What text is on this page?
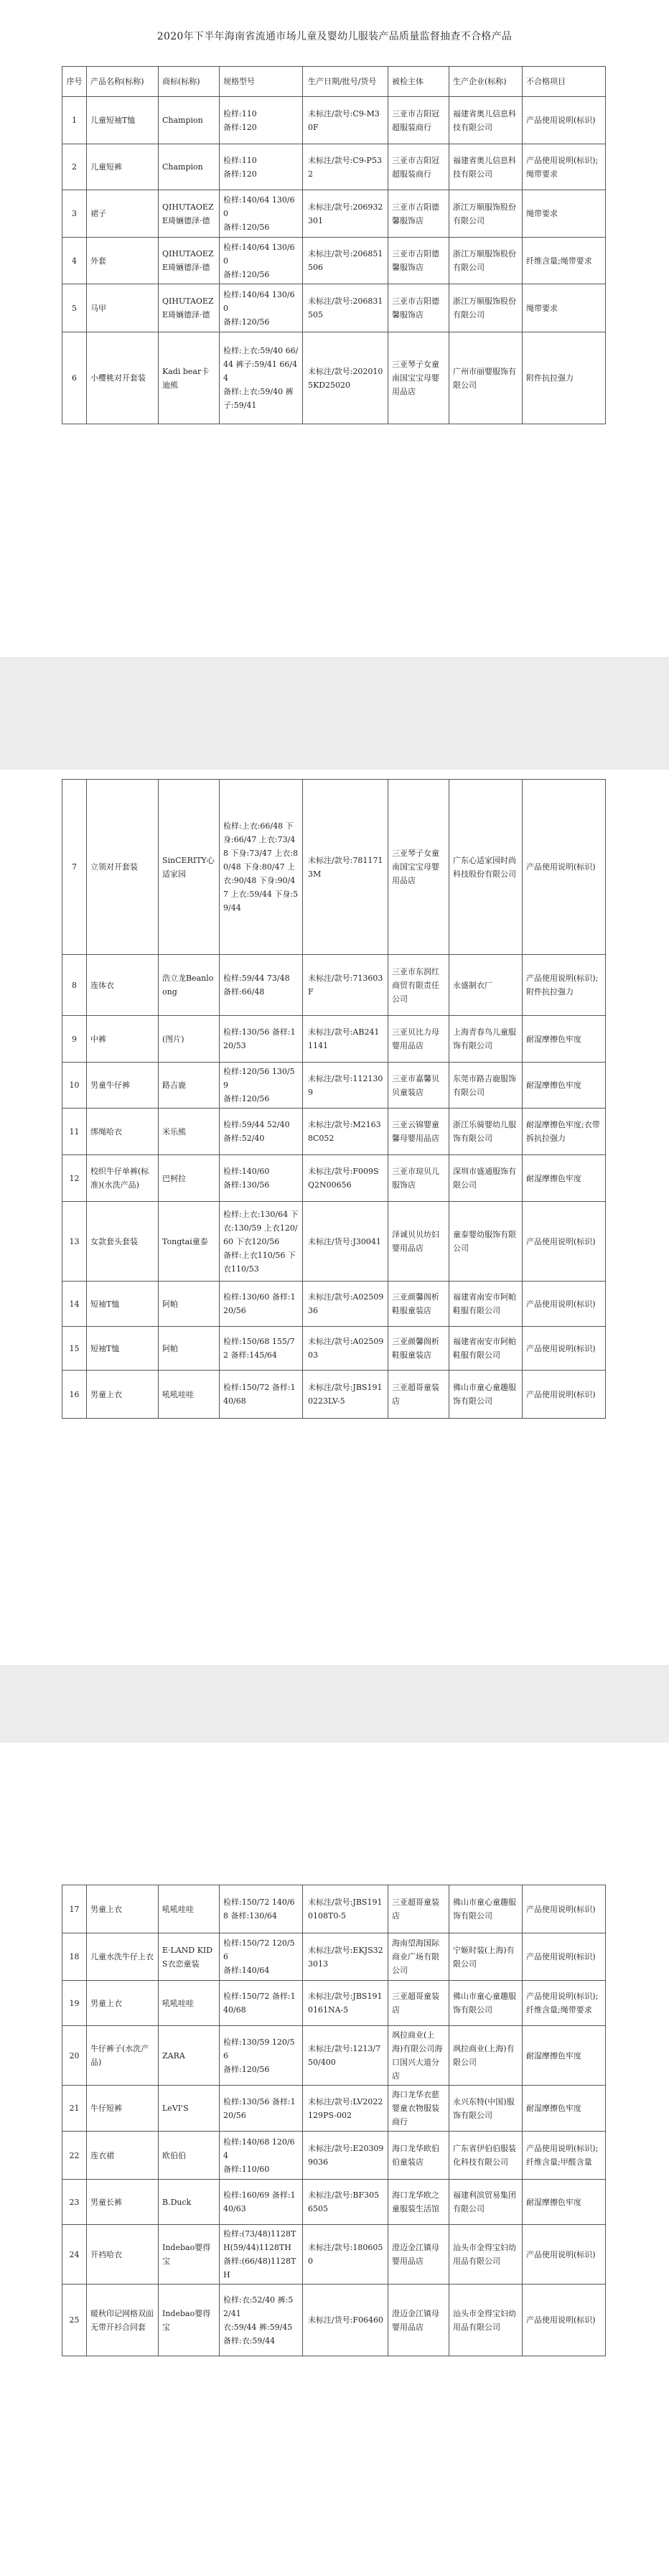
2020年下半年海南省流通市场儿童及婴幼儿服装产品质量监督抽查不合格产品
序号	产品名称(标称)	商标(标称)	规格型号	生产日期/批号/货号	被检主体	生产企业(标称)	不合格项目
1	儿童短袖T恤	Champion	检样:110
备样:120	未标注/款号:C9-M30F	三亚市吉阳冠超服装商行	福建省奥儿信息科技有限公司	产品使用说明(标识)
2	儿童短裤	Champion	检样:110
备样:120	未标注/款号:C9-P532	三亚市吉阳冠超服装商行	福建省奥儿信息科技有限公司	产品使用说明(标识);绳带要求
3	裙子	QIHUTAOEZE琦婳德泽·德	检样:140/64 130/60
备样:120/56	未标注/款号:206932301	三亚市吉阳德馨服饰店	浙江万顺服饰股份有限公司	绳带要求
4	外套	QIHUTAOEZE琦婳德泽·德	检样:140/64 130/60
备样:120/56	未标注/款号:206851506	三亚市吉阳德馨服饰店	浙江万顺服饰股份有限公司	纤维含量;绳带要求
5	马甲	QIHUTAOEZE琦婳德泽·德	检样:140/64 130/60
备样:120/56	未标注/款号:206831505	三亚市吉阳德馨服饰店	浙江万顺服饰股份有限公司	绳带要求
6	小樱桃对开套装	Kadi bear卡迪熊	检样:上衣:59/40 66/44 裤子:59/41 66/44
备样:上衣:59/40 裤子:59/41	未标注/款号:2020105KD25020	三亚琴子女童南国宝宝母婴用品店	广州市丽婴服饰有限公司	附件抗拉强力
7	立领对开套装	SinCERITY心适家园	检样:上衣:66/48 下身:66/47 上衣:73/48 下身:73/47 上衣:80/48 下身:80/47 上衣:90/48 下身:90/47 上衣:59/44 下身:59/44	未标注/款号:7811713M	三亚琴子女童南国宝宝母婴用品店	广东心适家园时尚科技股份有限公司	产品使用说明(标识)
8	连体衣	浩立龙Beanloong	检样:59/44 73/48
备样:66/48	未标注/款号:713603F	三亚市东润红商贸有限责任公司	永盛制衣厂	产品使用说明(标识);附件抗拉强力
9	中裤	(图片)	检样:130/56 备样:120/53	未标注/款号:AB2411141	三亚贝比力母婴用品店	上海青春鸟儿童服饰有限公司	耐湿摩擦色牢度
10	男童牛仔裤	路吉鹿	检样:120/56 130/59
备样:120/56	未标注/款号:1121309	三亚市嘉馨贝贝童装店	东莞市路吉鹿服饰有限公司	耐湿摩擦色牢度
11	绑绳哈衣	米乐熊	检样:59/44 52/40 备样:52/40	未标注/款号:M21638C052	三亚云锦婴童馨母婴用品店	浙江乐骑婴幼儿服饰有限公司	耐湿摩擦色牢度;衣带拆抗拉强力
12	校织牛仔单裤(标准)(水洗产品)	巴柯拉	检样:140/60
备样:130/56	未标注/款号:F009SQ2N00656	三亚市琼贝儿服饰店	深圳市盛通服饰有限公司	耐湿摩擦色牢度
13	女款套头套装	Tongtai童泰	检样:上衣:130/64 下衣:130/59 上衣120/60 下衣120/56
备样:上衣110/56 下衣110/53	未标注/货号:J30041	泽诚贝贝坊妇婴用品店	童泰婴幼服饰有限公司	产品使用说明(标识)
14	短袖T恤	阿帕	检样:130/60 备样:120/56	未标注/款号:A0250936	三亚颜馨阁析鞋服童装店	福建省南安市阿帕鞋服有限公司	产品使用说明(标识)
15	短袖T恤	阿帕	检样:150/68 155/72 备样:145/64	未标注/款号:A0250903	三亚颜馨阁析鞋服童装店	福建省南安市阿帕鞋服有限公司	产品使用说明(标识)
16	男童上衣	吼吼哇哇	检样:150/72 备样:140/68	未标注/款号:JBS1910223LV-5	三亚超哥童装店	佛山市童心童趣服饰有限公司	产品使用说明(标识)
17	男童上衣	吼吼哇哇	检样:150/72 140/68 备样:130/64	未标注/款号:JBS1910108T0-5	三亚超哥童装店	佛山市童心童趣服饰有限公司	产品使用说明(标识)
18	儿童水洗牛仔上衣	E·LAND KIDS衣恋童装	检样:150/72 120/56
备样:140/64	未标注/款号:EKJS323013	海南望海国际商业广场有限公司	宁姬时装(上海)有限公司	产品使用说明(标识)
19	男童上衣	吼吼哇哇	检样:150/72 备样:140/68	未标注/款号:JBS1910161NA-5	三亚超哥童装店	佛山市童心童趣服饰有限公司	产品使用说明(标识);纤维含量;绳带要求
20	牛仔裤子(水洗产品)	ZARA	检样:130/59 120/56
备样:120/56	未标注/款号:1213/750/400	飒拉商业(上海)有限公司海口国兴大道分店	飒拉商业(上海)有限公司	耐湿摩擦色牢度
21	牛仔短裤	LeVI'S	检样:130/56 备样:120/56	未标注/款号:LV2022129PS-002	海口龙华衣慈婴童衣物服装商行	永兴东特(中国)服饰有限公司	耐湿摩擦色牢度
22	连衣裙	欧伯伯	检样:140/68 120/64
备样:110/60	未标注/款号:E203099036	海口龙华欧伯伯童装店	广东省伊伯伯服装化科技有限公司	产品使用说明(标识);纤维含量;甲醛含量
23	男童长裤	B.Duck	检样:160/69 备样:140/63	未标注/款号:BF3056505	海口龙华欧之童服装生活馆	福建利滨贸易集团有限公司	耐湿摩擦色牢度
24	开裆哈衣	Indebao婴得宝	检样:(73/48)1128TH(59/44)1128TH
备样:(66/48)1128TH	未标注/款号:1806050	澄迈金江镇母婴用品店	汕头市金得宝妇幼用品有限公司	产品使用说明(标识)
25	暖秋印记网格双面无带开衫合同套	Indebao婴得宝	检样:衣:52/40 裤:52/41
衣:59/44 裤:59/45
备样:衣:59/44	未标注/货号:F06460	澄迈金江镇母婴用品店	汕头市金得宝妇幼用品有限公司	产品使用说明(标识)
